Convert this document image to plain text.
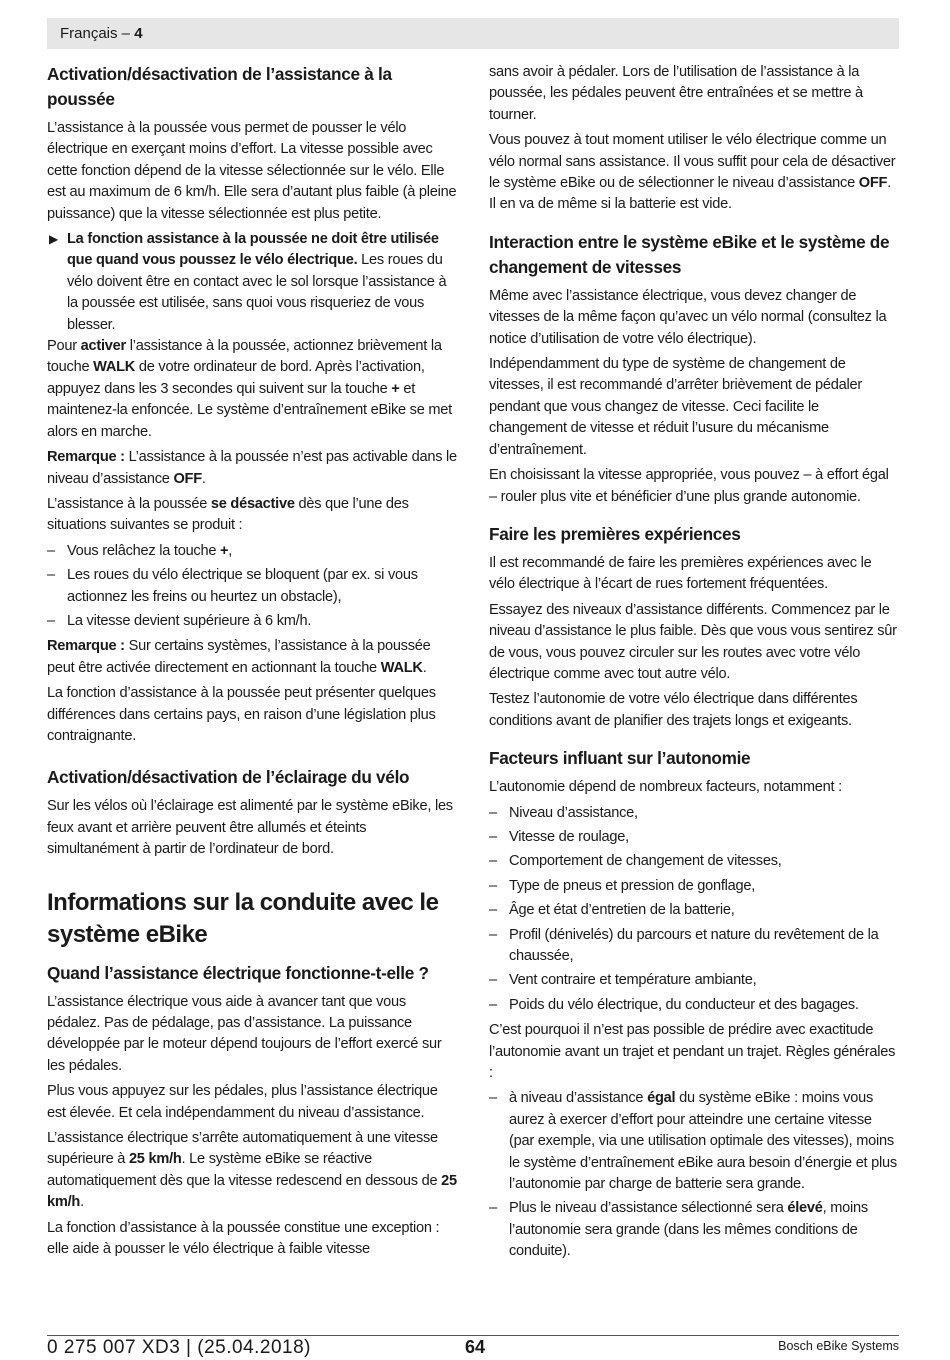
Français – 4
Activation/désactivation de l’assistance à la poussée

L’assistance à la poussée vous permet de pousser le vélo électrique en exerçant moins d’effort. La vitesse possible avec cette fonction dépend de la vitesse sélectionnée sur le vélo. Elle est au maximum de 6 km/h. Elle sera d’autant plus faible (à pleine puissance) que la vitesse sélectionnée est plus petite.

▶ La fonction assistance à la poussée ne doit être utilisée que quand vous poussez le vélo électrique. Les roues du vélo doivent être en contact avec le sol lorsque l’assistance à la poussée est utilisée, sans quoi vous risqueriez de vous blesser.

Pour activer l’assistance à la poussée, actionnez brièvement la touche WALK de votre ordinateur de bord. Après l’activation, appuyez dans les 3 secondes qui suivent sur la touche + et maintenez-la enfoncée. Le système d’entraînement eBike se met alors en marche.

Remarque : L’assistance à la poussée n’est pas activable dans le niveau d’assistance OFF.

L’assistance à la poussée se désactive dès que l’une des situations suivantes se produit :

– Vous relâchez la touche +,
– Les roues du vélo électrique se bloquent (par ex. si vous actionnez les freins ou heurtez un obstacle),
– La vitesse devient supérieure à 6 km/h.

Remarque : Sur certains systèmes, l’assistance à la poussée peut être activée directement en actionnant la touche WALK.

La fonction d’assistance à la poussée peut présenter quelques différences dans certains pays, en raison d’une législation plus contraignante.

Activation/désactivation de l’éclairage du vélo

Sur les vélos où l’éclairage est alimenté par le système eBike, les feux avant et arrière peuvent être allumés et éteints simultanément à partir de l’ordinateur de bord.

Informations sur la conduite avec le système eBike
Quand l’assistance électrique fonctionne-t-elle ?

L’assistance électrique vous aide à avancer tant que vous pédalez. Pas de pédalage, pas d’assistance. La puissance développée par le moteur dépend toujours de l’effort exercé sur les pédales.

Plus vous appuyez sur les pédales, plus l’assistance électrique est élevée. Et cela indépendamment du niveau d’assistance.

L’assistance électrique s’arrête automatiquement à une vitesse supérieure à 25 km/h. Le système eBike se réactive automatiquement dès que la vitesse redescend en dessous de 25 km/h.

La fonction d’assistance à la poussée constitue une exception : elle aide à pousser le vélo électrique à faible vitesse

sans avoir à pédaler. Lors de l’utilisation de l’assistance à la poussée, les pédales peuvent être entraînées et se mettre à tourner.

Vous pouvez à tout moment utiliser le vélo électrique comme un vélo normal sans assistance. Il vous suffit pour cela de désactiver le système eBike ou de sélectionner le niveau d’assistance OFF. Il en va de même si la batterie est vide.

Interaction entre le système eBike et le système de changement de vitesses

Même avec l’assistance électrique, vous devez changer de vitesses de la même façon qu’avec un vélo normal (consultez la notice d’utilisation de votre vélo électrique).

Indépendamment du type de système de changement de vitesses, il est recommandé d’arrêter brièvement de pédaler pendant que vous changez de vitesse. Ceci facilite le changement de vitesse et réduit l’usure du mécanisme d’entraînement.

En choisissant la vitesse appropriée, vous pouvez – à effort égal – rouler plus vite et bénéficier d’une plus grande autonomie.

Faire les premières expériences

Il est recommandé de faire les premières expériences avec le vélo électrique à l’écart de rues fortement fréquentées.

Essayez des niveaux d’assistance différents. Commencez par le niveau d’assistance le plus faible. Dès que vous vous sentirez sûr de vous, vous pouvez circuler sur les routes avec votre vélo électrique comme avec tout autre vélo.

Testez l’autonomie de votre vélo électrique dans différentes conditions avant de planifier des trajets longs et exigeants.

Facteurs influant sur l’autonomie

L’autonomie dépend de nombreux facteurs, notamment :

– Niveau d’assistance,
– Vitesse de roulage,
– Comportement de changement de vitesses,
– Type de pneus et pression de gonflage,
– Âge et état d’entretien de la batterie,
– Profil (dénivelés) du parcours et nature du revêtement de la chaussée,
– Vent contraire et température ambiante,
– Poids du vélo électrique, du conducteur et des bagages.

C’est pourquoi il n’est pas possible de prédire avec exactitude l’autonomie avant un trajet et pendant un trajet. Règles générales :

– à niveau d’assistance égal du système eBike : moins vous aurez à exercer d’effort pour atteindre une certaine vitesse (par exemple, via une utilisation optimale des vitesses), moins le système d’entraînement eBike aura besoin d’énergie et plus l’autonomie par charge de batterie sera grande.
– Plus le niveau d’assistance sélectionné sera élevé, moins l’autonomie sera grande (dans les mêmes conditions de conduite).
0 275 007 XD3 | (25.04.2018)	64	Bosch eBike Systems
